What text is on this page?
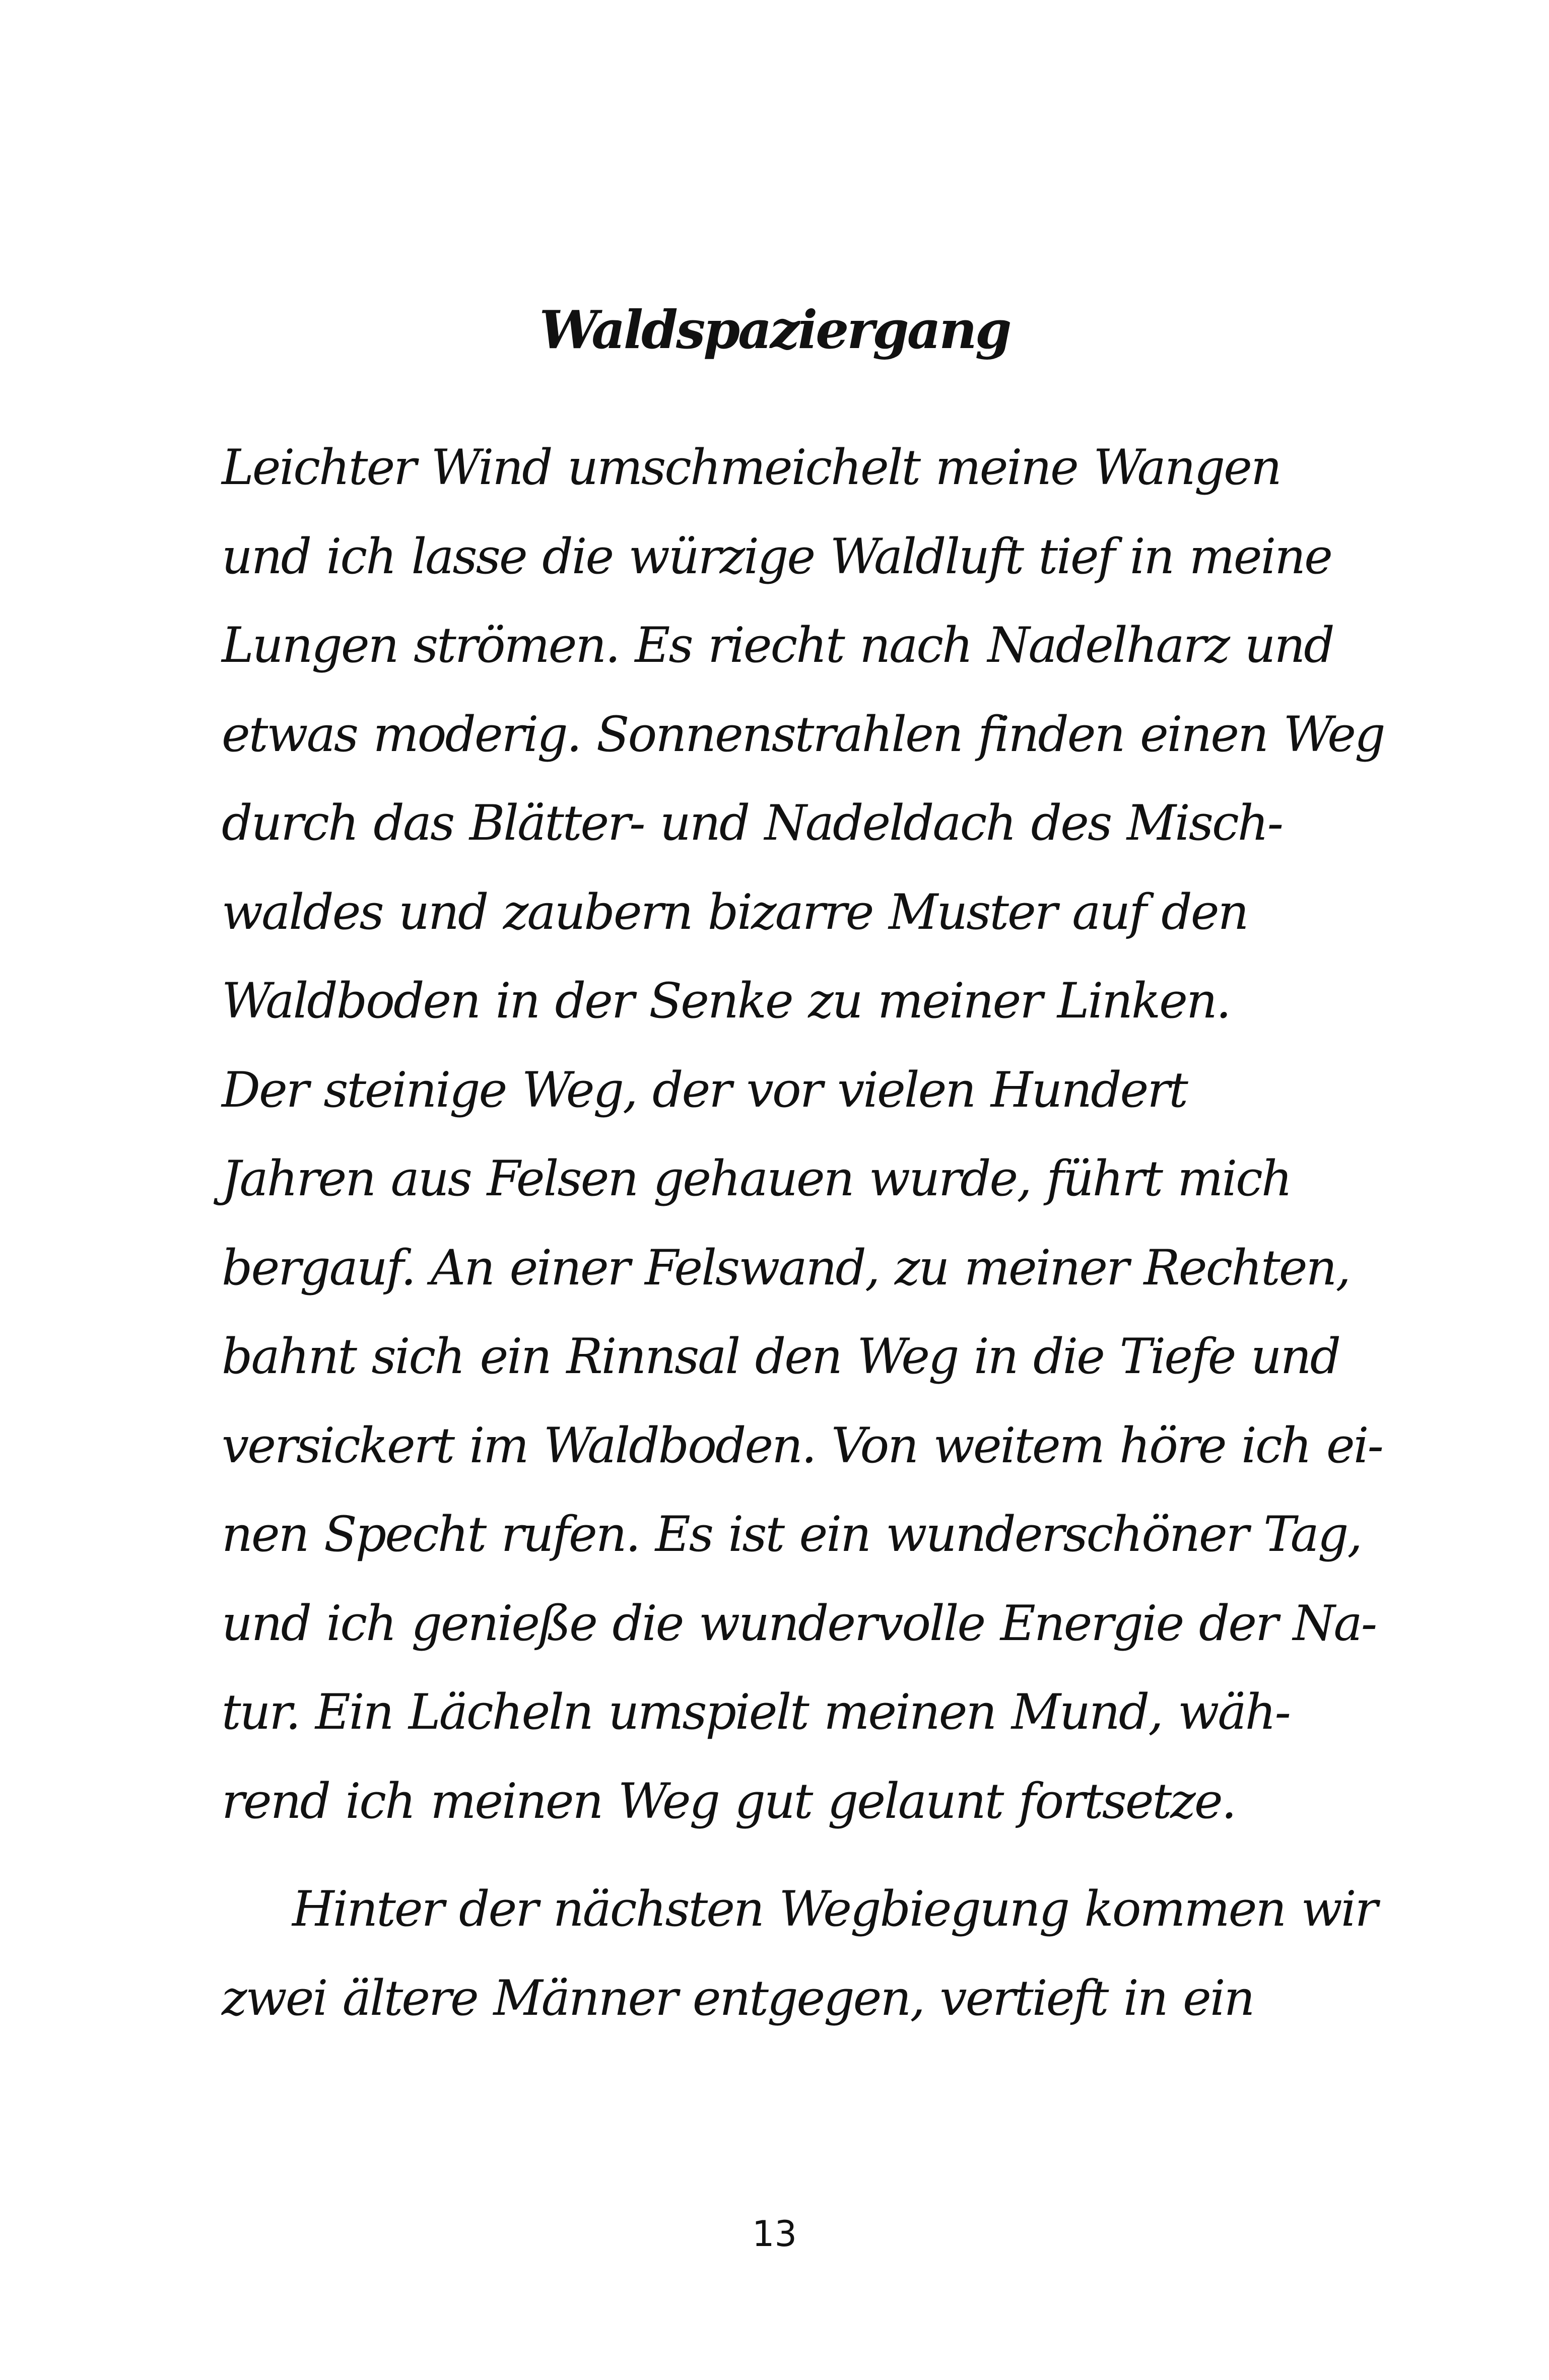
Waldspaziergang
Leichter Wind umschmeichelt meine Wangen
und ich lasse die würzige Waldluft tief in meine
Lungen strömen. Es riecht nach Nadelharz und
etwas moderig. Sonnenstrahlen finden einen Weg
durch das Blätter- und Nadeldach des Misch-
waldes und zaubern bizarre Muster auf den
Waldboden in der Senke zu meiner Linken.
Der steinige Weg, der vor vielen Hundert
Jahren aus Felsen gehauen wurde, führt mich
bergauf. An einer Felswand, zu meiner Rechten,
bahnt sich ein Rinnsal den Weg in die Tiefe und
versickert im Waldboden. Von weitem höre ich ei-
nen Specht rufen. Es ist ein wunderschöner Tag,
und ich genieße die wundervolle Energie der Na-
tur. Ein Lächeln umspielt meinen Mund, wäh-
rend ich meinen Weg gut gelaunt fortsetze.
Hinter der nächsten Wegbiegung kommen wir
zwei ältere Männer entgegen, vertieft in ein
13
